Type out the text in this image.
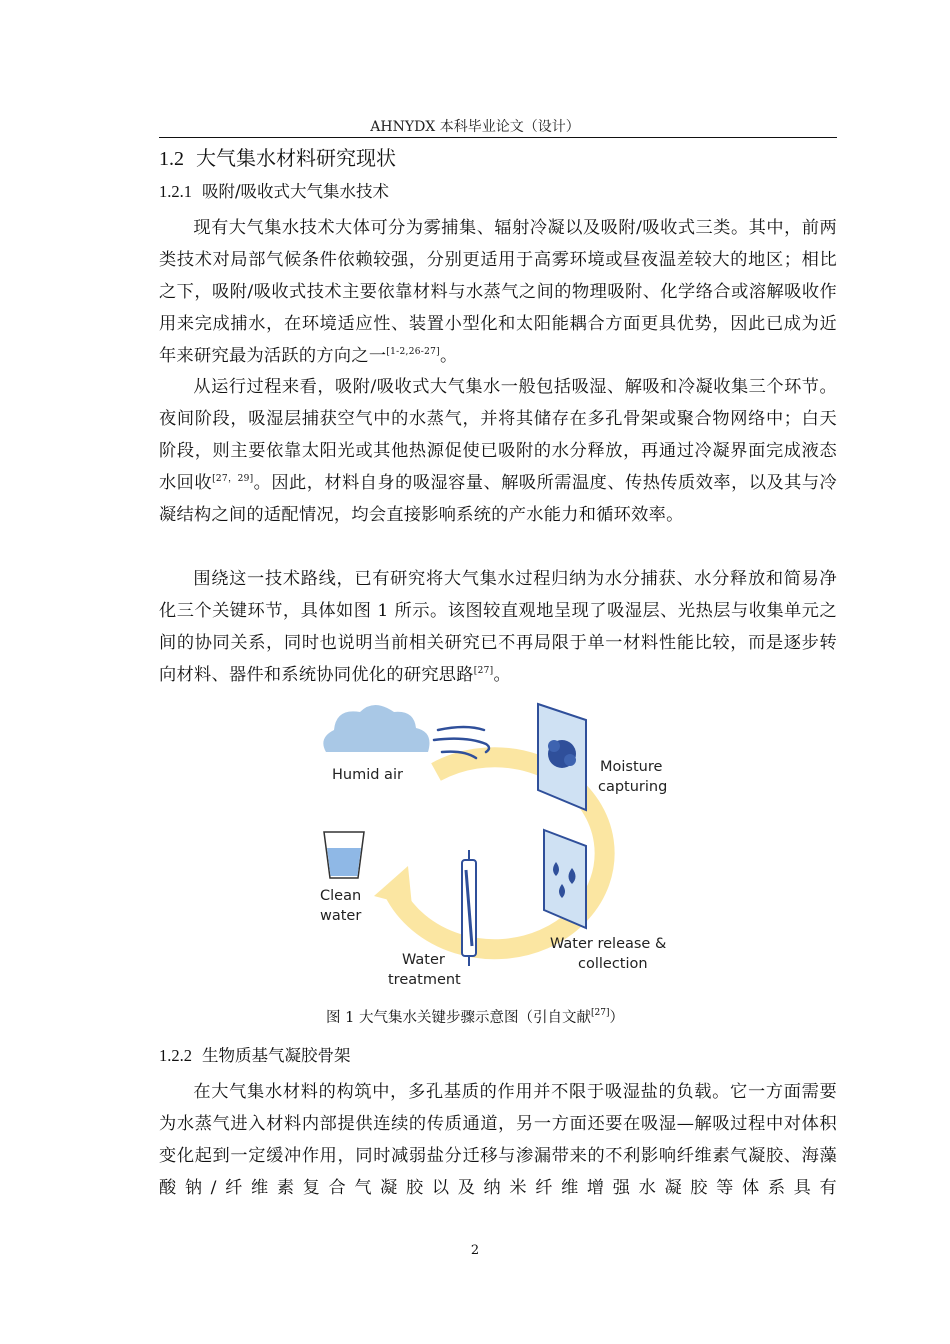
AHNYDX 本科毕业论文（设计）
1.2 大气集水材料研究现状
1.2.1 吸附/吸收式大气集水技术
现有大气集水技术大体可分为雾捕集、辐射冷凝以及吸附/吸收式三类。其中，前两类技术对局部气候条件依赖较强，分别更适用于高雾环境或昼夜温差较大的地区；相比之下，吸附/吸收式技术主要依靠材料与水蒸气之间的物理吸附、化学络合或溶解吸收作用来完成捕水，在环境适应性、装置小型化和太阳能耦合方面更具优势，因此已成为近年来研究最为活跃的方向之一[1-2,26-27]。
从运行过程来看，吸附/吸收式大气集水一般包括吸湿、解吸和冷凝收集三个环节。夜间阶段，吸湿层捕获空气中的水蒸气，并将其储存在多孔骨架或聚合物网络中；白天阶段，则主要依靠太阳光或其他热源促使已吸附的水分释放，再通过冷凝界面完成液态水回收[27，29]。因此，材料自身的吸湿容量、解吸所需温度、传热传质效率，以及其与冷凝结构之间的适配情况，均会直接影响系统的产水能力和循环效率。
围绕这一技术路线，已有研究将大气集水过程归纳为水分捕获、水分释放和简易净化三个关键环节，具体如图 1 所示。该图较直观地呈现了吸湿层、光热层与收集单元之间的协同关系，同时也说明当前相关研究已不再局限于单一材料性能比较，而是逐步转向材料、器件和系统协同优化的研究思路[27]。
Humid air	Moisture
capturing
Water release &
collection
Water
treatment
Clean
water
图 1 大气集水关键步骤示意图（引自文献[27]）
1.2.2 生物质基气凝胶骨架
在大气集水材料的构筑中，多孔基质的作用并不限于吸湿盐的负载。它一方面需要为水蒸气进入材料内部提供连续的传质通道，另一方面还要在吸湿—解吸过程中对体积变化起到一定缓冲作用，同时减弱盐分迁移与渗漏带来的不利影响纤维素气凝胶、海藻酸钠/纤维素复合气凝胶以及纳米纤维增强水凝胶等体系具有
2
